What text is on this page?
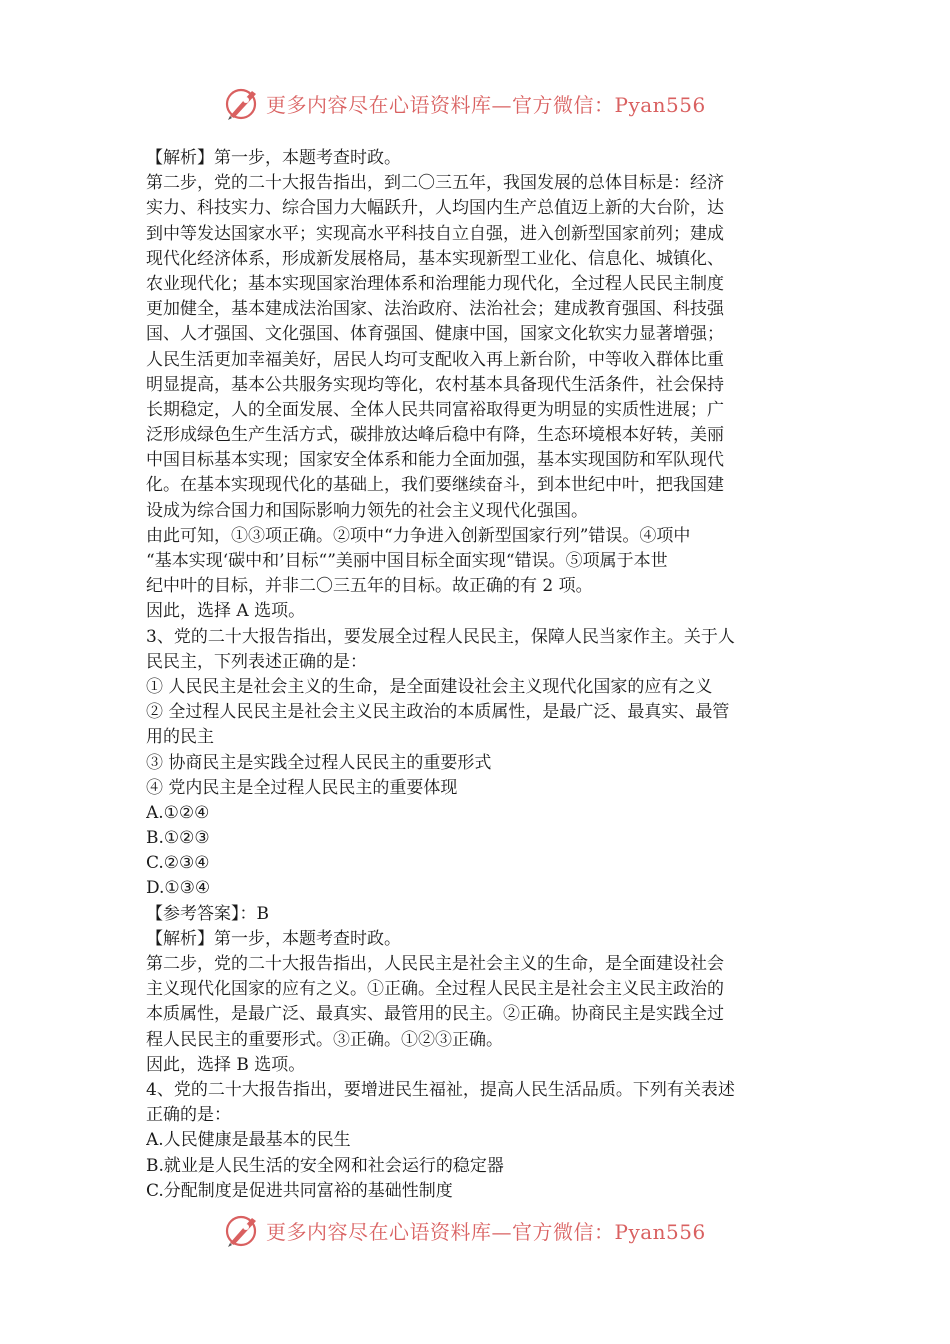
更多内容尽在心语资料库—官方微信：Pyan556
【解析】第一步，本题考查时政。
第二步，党的二十大报告指出，到二〇三五年，我国发展的总体目标是：经济
实力、科技实力、综合国力大幅跃升，人均国内生产总值迈上新的大台阶，达
到中等发达国家水平；实现高水平科技自立自强，进入创新型国家前列；建成
现代化经济体系，形成新发展格局，基本实现新型工业化、信息化、城镇化、
农业现代化；基本实现国家治理体系和治理能力现代化，全过程人民民主制度
更加健全，基本建成法治国家、法治政府、法治社会；建成教育强国、科技强
国、人才强国、文化强国、体育强国、健康中国，国家文化软实力显著增强；
人民生活更加幸福美好，居民人均可支配收入再上新台阶，中等收入群体比重
明显提高，基本公共服务实现均等化，农村基本具备现代生活条件，社会保持
长期稳定，人的全面发展、全体人民共同富裕取得更为明显的实质性进展；广
泛形成绿色生产生活方式，碳排放达峰后稳中有降，生态环境根本好转，美丽
中国目标基本实现；国家安全体系和能力全面加强，基本实现国防和军队现代
化。在基本实现现代化的基础上，我们要继续奋斗，到本世纪中叶，把我国建
设成为综合国力和国际影响力领先的社会主义现代化强国。
由此可知，①③项正确。②项中“力争进入创新型国家行列”错误。④项中
“基本实现‘碳中和’目标“”美丽中国目标全面实现“错误。⑤项属于本世
纪中叶的目标，并非二〇三五年的目标。故正确的有 2 项。
因此，选择 A 选项。
3、党的二十大报告指出，要发展全过程人民民主，保障人民当家作主。关于人
民民主，下列表述正确的是：
① 人民民主是社会主义的生命，是全面建设社会主义现代化国家的应有之义
② 全过程人民民主是社会主义民主政治的本质属性，是最广泛、最真实、最管
用的民主
③ 协商民主是实践全过程人民民主的重要形式
④ 党内民主是全过程人民民主的重要体现
A.①②④
B.①②③
C.②③④
D.①③④
【参考答案】：B
【解析】第一步，本题考查时政。
第二步，党的二十大报告指出，人民民主是社会主义的生命，是全面建设社会
主义现代化国家的应有之义。①正确。全过程人民民主是社会主义民主政治的
本质属性，是最广泛、最真实、最管用的民主。②正确。协商民主是实践全过
程人民民主的重要形式。③正确。①②③正确。
因此，选择 B 选项。
4、党的二十大报告指出，要增进民生福祉，提高人民生活品质。下列有关表述
正确的是：
A.人民健康是最基本的民生
B.就业是人民生活的安全网和社会运行的稳定器
C.分配制度是促进共同富裕的基础性制度
更多内容尽在心语资料库—官方微信：Pyan556
